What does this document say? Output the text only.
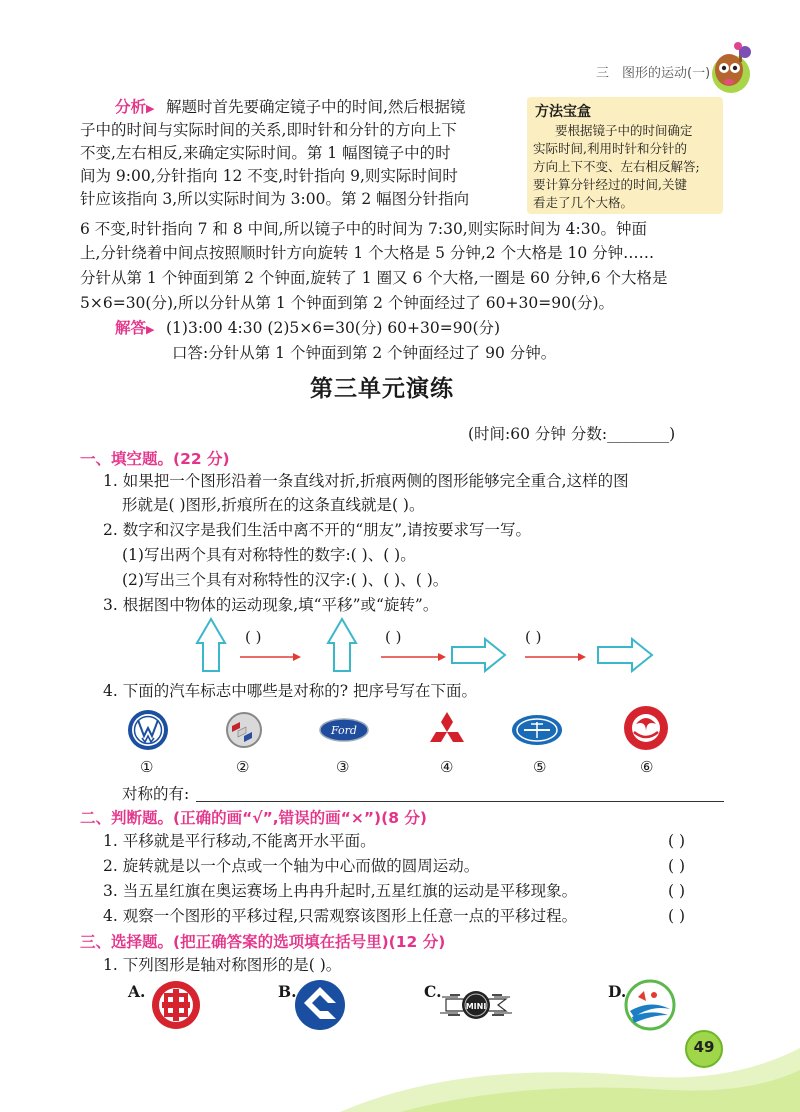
三 图形的运动(一)
分析▶ 解题时首先要确定镜子中的时间,然后根据镜
子中的时间与实际时间的关系,即时针和分针的方向上下
不变,左右相反,来确定实际时间。第 1 幅图镜子中的时
间为 9:00,分针指向 12 不变,时针指向 9,则实际时间时
针应该指向 3,所以实际时间为 3:00。第 2 幅图分针指向
6 不变,时针指向 7 和 8 中间,所以镜子中的时间为 7:30,则实际时间为 4:30。钟面
上,分针绕着中间点按照顺时针方向旋转 1 个大格是 5 分钟,2 个大格是 10 分钟……
分针从第 1 个钟面到第 2 个钟面,旋转了 1 圈又 6 个大格,一圈是 60 分钟,6 个大格是
5×6=30(分),所以分针从第 1 个钟面到第 2 个钟面经过了 60+30=90(分)。
方法宝盒
要根据镜子中的时间确定
实际时间,利用时针和分针的
方向上下不变、左右相反解答;
要计算分针经过的时间,关键
看走了几个大格。
解答▶ (1)3:00 4:30 (2)5×6=30(分) 60+30=90(分)
口答:分针从第 1 个钟面到第 2 个钟面经过了 90 分钟。
第三单元演练
(时间:60 分钟 分数:________)
一、填空题。(22 分)
1. 如果把一个图形沿着一条直线对折,折痕两侧的图形能够完全重合,这样的图
形就是( )图形,折痕所在的这条直线就是( )。
2. 数字和汉字是我们生活中离不开的“朋友”,请按要求写一写。
(1)写出两个具有对称特性的数字:( )、( )。
(2)写出三个具有对称特性的汉字:( )、( )、( )。
3. 根据图中物体的运动现象,填“平移”或“旋转”。
( )	( )	( )
4. 下面的汽车标志中哪些是对称的? 把序号写在下面。
Ford
①	②	③	④	⑤	⑥
对称的有:
二、判断题。(正确的画“√”,错误的画“×”)(8 分)
1. 平移就是平行移动,不能离开水平面。
2. 旋转就是以一个点或一个轴为中心而做的圆周运动。
3. 当五星红旗在奥运赛场上冉冉升起时,五星红旗的运动是平移现象。
4. 观察一个图形的平移过程,只需观察该图形上任意一点的平移过程。
( )
( )
( )
( )
三、选择题。(把正确答案的选项填在括号里)(12 分)
1. 下列图形是轴对称图形的是( )。
A.	B.	C.	D.
MINI
49
